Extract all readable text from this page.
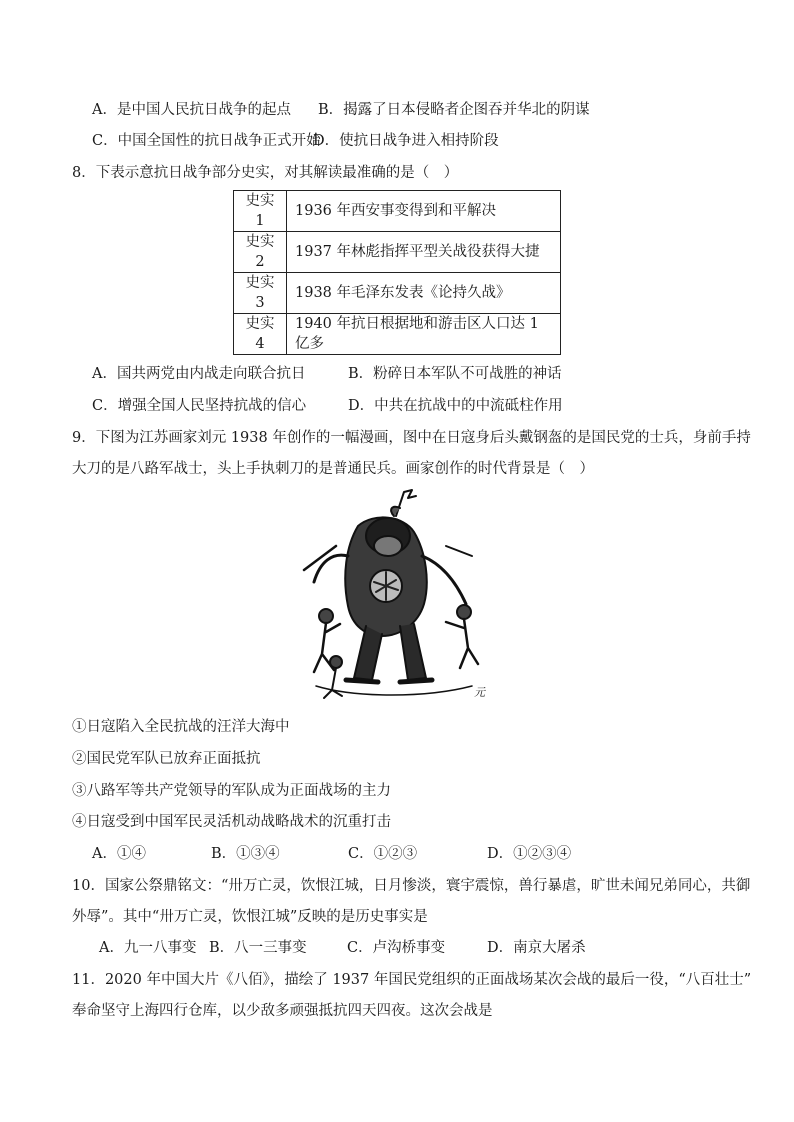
A．是中国人民抗日战争的起点 B．揭露了日本侵略者企图吞并华北的阴谋
C．中国全国性的抗日战争正式开始
D．使抗日战争进入相持阶段
8．下表示意抗日战争部分史实，对其解读最准确的是（　）
史实 1	1936 年西安事变得到和平解决
史实 2	1937 年林彪指挥平型关战役获得大捷
史实 3	1938 年毛泽东发表《论持久战》
史实 4	1940 年抗日根据地和游击区人口达 1 亿多
A．国共两党由内战走向联合抗日	B．粉碎日本军队不可战胜的神话
C．增强全国人民坚持抗战的信心	D．中共在抗战中的中流砥柱作用
9．下图为江苏画家刘元 1938 年创作的一幅漫画，图中在日寇身后头戴钢盔的是国民党的士兵，身前手持
大刀的是八路军战士，头上手执刺刀的是普通民兵。画家创作的时代背景是（　）
元
①日寇陷入全民抗战的汪洋大海中
②国民党军队已放弃正面抵抗
③八路军等共产党领导的军队成为正面战场的主力
④日寇受到中国军民灵活机动战略战术的沉重打击
A．①④	B．①③④	C．①②③	D．①②③④
10．国家公祭鼎铭文：“卅万亡灵，饮恨江城，日月惨淡，寰宇震惊，兽行暴虐，旷世未闻兄弟同心，共御
外辱”。其中“卅万亡灵，饮恨江城”反映的是历史事实是
A．九一八事变 B．八一三事变	C．卢沟桥事变	D．南京大屠杀
11．2020 年中国大片《八佰》，描绘了 1937 年国民党组织的正面战场某次会战的最后一役，“八百壮士”
奉命坚守上海四行仓库，以少敌多顽强抵抗四天四夜。这次会战是
